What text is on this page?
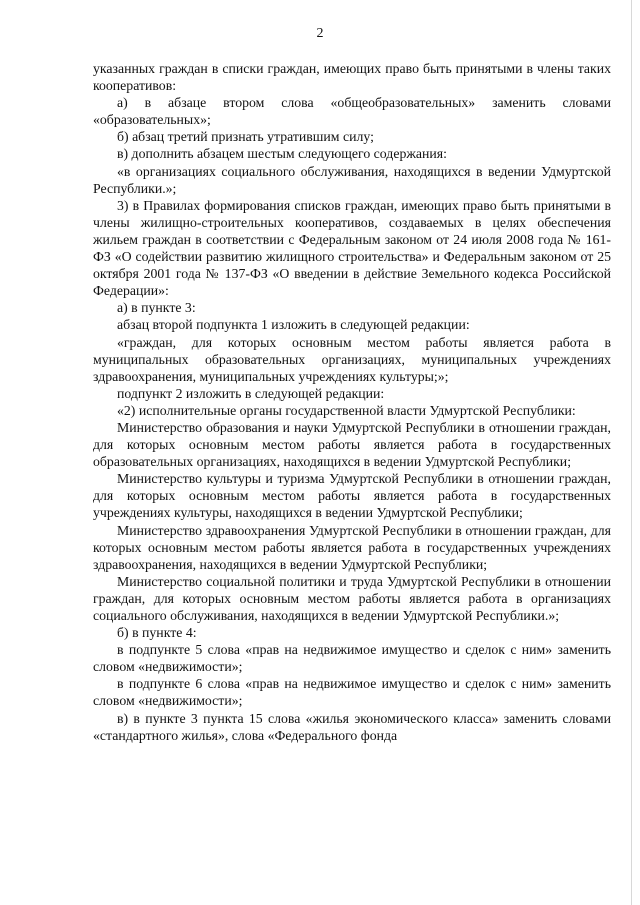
2

указанных граждан в списки граждан, имеющих право быть принятыми в члены таких кооперативов:

а) в абзаце втором слова «общеобразовательных» заменить словами «образовательных»;

б) абзац третий признать утратившим силу;

в) дополнить абзацем шестым следующего содержания:

«в организациях социального обслуживания, находящихся в ведении Удмуртской Республики.»;

3) в Правилах формирования списков граждан, имеющих право быть принятыми в члены жилищно-строительных кооперативов, создаваемых в целях обеспечения жильем граждан в соответствии с Федеральным законом от 24 июля 2008 года № 161-ФЗ «О содействии развитию жилищного строительства» и Федеральным законом от 25 октября 2001 года № 137-ФЗ «О введении в действие Земельного кодекса Российской Федерации»:

а) в пункте 3:

абзац второй подпункта 1 изложить в следующей редакции:

«граждан, для которых основным местом работы является работа в муниципальных образовательных организациях, муниципальных учреждениях здравоохранения, муниципальных учреждениях культуры;»;

подпункт 2 изложить в следующей редакции:

«2) исполнительные органы государственной власти Удмуртской Республики:

Министерство образования и науки Удмуртской Республики в отношении граждан, для которых основным местом работы является работа в государственных образовательных организациях, находящихся в ведении Удмуртской Республики;

Министерство культуры и туризма Удмуртской Республики в отношении граждан, для которых основным местом работы является работа в государственных учреждениях культуры, находящихся в ведении Удмуртской Республики;

Министерство здравоохранения Удмуртской Республики в отношении граждан, для которых основным местом работы является работа в государственных учреждениях здравоохранения, находящихся в ведении Удмуртской Республики;

Министерство социальной политики и труда Удмуртской Республики в отношении граждан, для которых основным местом работы является работа в организациях социального обслуживания, находящихся в ведении Удмуртской Республики.»;

б) в пункте 4:

в подпункте 5 слова «прав на недвижимое имущество и сделок с ним» заменить словом «недвижимости»;

в подпункте 6 слова «прав на недвижимое имущество и сделок с ним» заменить словом «недвижимости»;

в) в пункте 3 пункта 15 слова «жилья экономического класса» заменить словами «стандартного жилья», слова «Федерального фонда
